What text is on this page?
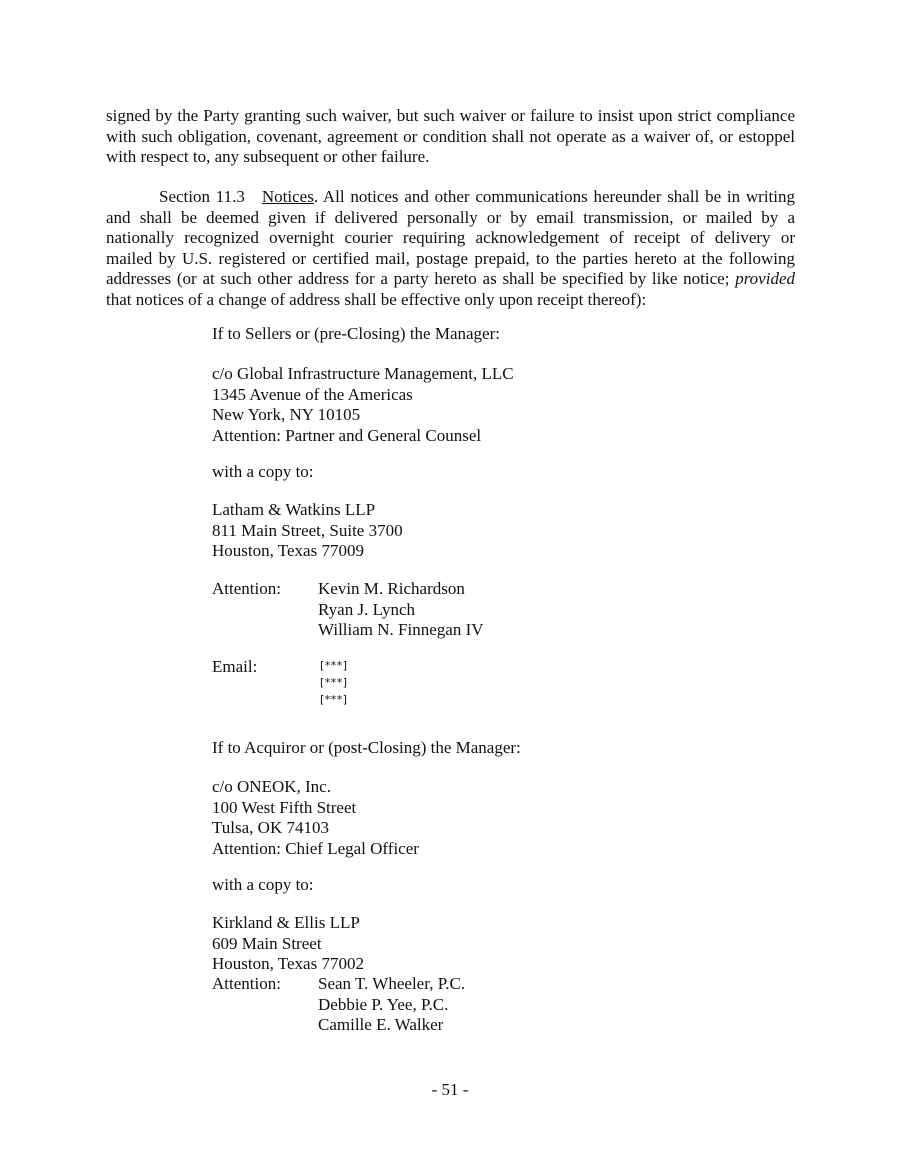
signed by the Party granting such waiver, but such waiver or failure to insist upon strict compliance
with such obligation, covenant, agreement or condition shall not operate as a waiver of, or estoppel
with respect to, any subsequent or other failure.
Section 11.3 Notices. All notices and other communications hereunder shall be in writing
and shall be deemed given if delivered personally or by email transmission, or mailed by a
nationally recognized overnight courier requiring acknowledgement of receipt of delivery or
mailed by U.S. registered or certified mail, postage prepaid, to the parties hereto at the following
addresses (or at such other address for a party hereto as shall be specified by like notice; provided
that notices of a change of address shall be effective only upon receipt thereof):
If to Sellers or (pre-Closing) the Manager:
c/o Global Infrastructure Management, LLC
1345 Avenue of the Americas
New York, NY 10105
Attention: Partner and General Counsel
with a copy to:
Latham & Watkins LLP
811 Main Street, Suite 3700
Houston, Texas 77009
Attention: Kevin M. Richardson
Ryan J. Lynch
William N. Finnegan IV
Email:	[***]
[***]
[***]
If to Acquiror or (post-Closing) the Manager:
c/o ONEOK, Inc.
100 West Fifth Street
Tulsa, OK 74103
Attention: Chief Legal Officer
with a copy to:
Kirkland & Ellis LLP
609 Main Street
Houston, Texas 77002
Attention: Sean T. Wheeler, P.C.
Debbie P. Yee, P.C.
Camille E. Walker
- 51 -
